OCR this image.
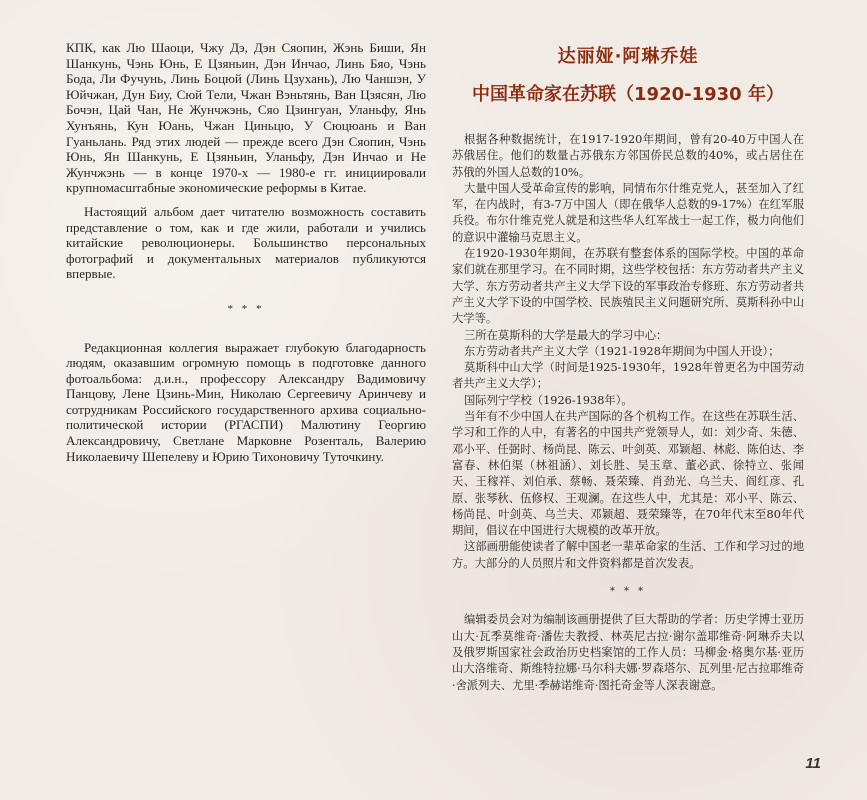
КПК, как Лю Шаоци, Чжу Дэ, Дэн Сяопин, Жэнь Биши, Ян Шанкунь, Чэнь Юнь, Е Цзяньин, Дэн Инчао, Линь Бяо, Чэнь Бода, Ли Фучунь, Линь Боцюй (Линь Цзухань), Лю Чаншэн, У Юйчжан, Дун Биу, Сюй Тели, Чжан Вэньтянь, Ван Цзясян, Лю Бочэн, Цай Чан, Не Жунчжэнь, Сяо Цзингуан, Уланьфу, Янь Хунъянь, Кун Юань, Чжан Циньцю, У Сюцюань и Ван Гуаньлань. Ряд этих людей — прежде всего Дэн Сяопин, Чэнь Юнь, Ян Шанкунь, Е Цзяньин, Уланьфу, Дэн Инчао и Не Жунчжэнь — в конце 1970-х — 1980-е гг. инициировали крупномасштабные экономические реформы в Китае.

Настоящий альбом дает читателю возможность составить представление о том, как и где жили, работали и учились китайские революционеры. Большинство персональных фотографий и документальных материалов публикуются впервые.

* * *

Редакционная коллегия выражает глубокую благодарность людям, оказавшим огромную помощь в подготовке данного фотоальбома: д.и.н., профессору Александру Вадимовичу Панцову, Лене Цзинь-Мин, Николаю Сергеевичу Аринчеву и сотрудникам Российского государственного архива социально-политической истории (РГАСПИ) Малютину Георгию Александровичу, Светлане Марковне Розенталь, Валерию Николаевичу Шепелеву и Юрию Тихоновичу Туточкину.

达丽娅·阿琳乔娃
中国革命家在苏联（1920-1930 年）

根据各种数据统计，在1917-1920年期间，曾有20-40万中国人在苏俄居住。他们的数量占苏俄东方邻国侨民总数的40%，或占居住在苏俄的外国人总数的10%。

大量中国人受革命宣传的影响，同情布尔什维克党人，甚至加入了红军，在内战时，有3-7万中国人（即在俄华人总数的9-17%）在红军服兵役。布尔什维克党人就是和这些华人红军战士一起工作，极力向他们的意识中灌输马克思主义。

在1920-1930年期间，在苏联有整套体系的国际学校。中国的革命家们就在那里学习。在不同时期，这些学校包括：东方劳动者共产主义大学、东方劳动者共产主义大学下设的军事政治专修班、东方劳动者共产主义大学下设的中国学校、民族殖民主义问题研究所、莫斯科孙中山大学等。

三所在莫斯科的大学是最大的学习中心：

东方劳动者共产主义大学（1921-1928年期间为中国人开设）；

莫斯科中山大学（时间是1925-1930年，1928年曾更名为中国劳动者共产主义大学）；

国际列宁学校（1926-1938年）。

当年有不少中国人在共产国际的各个机构工作。在这些在苏联生活、学习和工作的人中，有著名的中国共产党领导人，如：刘少奇、朱德、邓小平、任弼时、杨尚昆、陈云、叶剑英、邓颖超、林彪、陈伯达、李富春、林伯渠（林祖涵）、刘长胜、吴玉章、董必武、徐特立、张闻天、王稼祥、刘伯承、蔡畅、聂荣臻、肖劲光、乌兰夫、阎红彦、孔原、张琴秋、伍修权、王观澜。在这些人中，尤其是：邓小平、陈云、杨尚昆、叶剑英、乌兰夫、邓颖超、聂荣臻等，在70年代末至80年代期间，倡议在中国进行大规模的改革开放。

这部画册能使读者了解中国老一辈革命家的生活、工作和学习过的地方。大部分的人员照片和文件资料都是首次发表。

* * *

编辑委员会对为编制该画册提供了巨大帮助的学者：历史学博士亚历山大·瓦季莫维奇·潘佐夫教授、林英尼古拉·谢尔盖耶维奇·阿琳乔夫以及俄罗斯国家社会政治历史档案馆的工作人员：马柳金·格奥尔基·亚历山大洛维奇、斯维特拉娜·马尔科夫娜·罗森塔尔、瓦列里·尼古拉耶维奇·舍派列夫、尤里·季赫诺维奇·图托奇金等人深表谢意。

11
